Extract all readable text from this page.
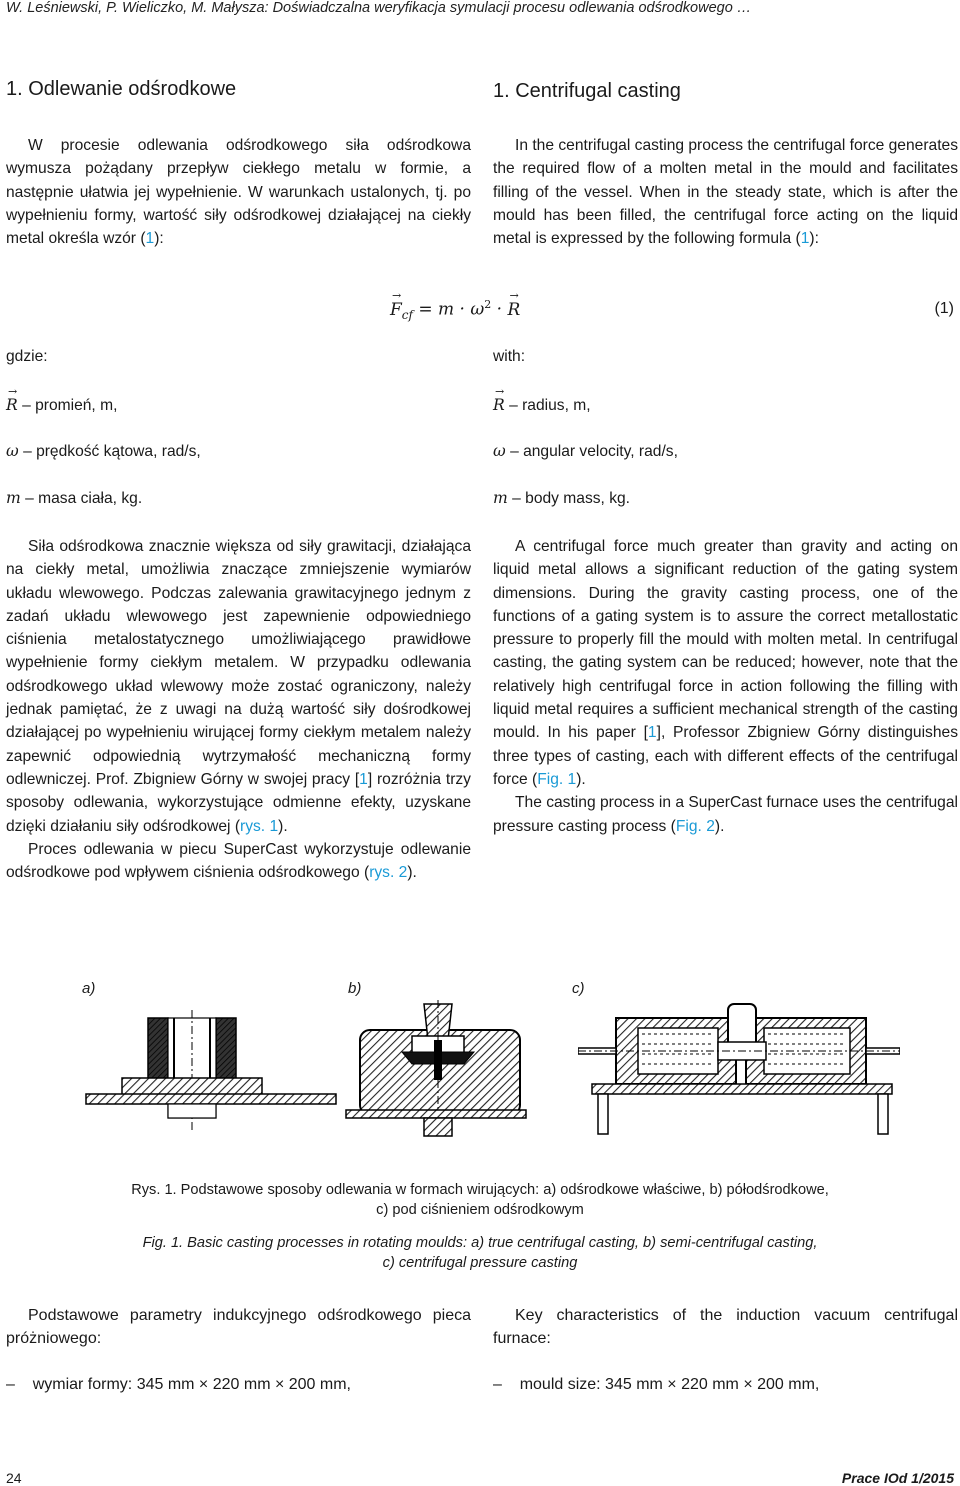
W. Leśniewski, P. Wieliczko, M. Małysza: Doświadczalna weryfikacja symulacji procesu odlewania odśrodkowego …
1. Odlewanie odśrodkowe

W procesie odlewania odśrodkowego siła odśrodkowa wymusza pożądany przepływ ciekłego metalu w formie, a następnie ułatwia jej wypełnienie. W warunkach ustalonych, tj. po wypełnieniu formy, wartość siły odśrodkowej działającej na ciekły metal określa wzór (1):

1. Centrifugal casting

In the centrifugal casting process the centrifugal force generates the required flow of a molten metal in the mould and facilitates filling of the vessel. When in the steady state, which is after the mould has been filled, the centrifugal force acting on the liquid metal is expressed by the following formula (1):

→ $F_{cf} = m \cdot \omega^2$ · → R	(1)
gdzie:
→ R – promień, m,
ω – prędkość kątowa, rad/s,
m – masa ciała, kg.
with:
→ R – radius, m,
ω – angular velocity, rad/s,
m – body mass, kg.

Siła odśrodkowa znacznie większa od siły grawitacji, działająca na ciekły metal, umożliwia znaczące zmniejszenie wymiarów układu wlewowego. Podczas zalewania grawitacyjnego jednym z zadań układu wlewowego jest zapewnienie odpowiedniego ciśnienia metalostatycznego umożliwiającego prawidłowe wypełnienie formy ciekłym metalem. W przypadku odlewania odśrodkowego układ wlewowy może zostać ograniczony, należy jednak pamiętać, że z uwagi na dużą wartość siły dośrodkowej działającej po wypełnieniu wirującej formy ciekłym metalem należy zapewnić odpowiednią wytrzymałość mechaniczną formy odlewniczej. Prof. Zbigniew Górny w swojej pracy [1] rozróżnia trzy sposoby odlewania, wykorzystujące odmienne efekty, uzyskane dzięki działaniu siły odśrodkowej (rys. 1).

Proces odlewania w piecu SuperCast wykorzystuje odlewanie odśrodkowe pod wpływem ciśnienia odśrodkowego (rys. 2).

A centrifugal force much greater than gravity and acting on liquid metal allows a significant reduction of the gating system dimensions. During the gravity casting process, one of the functions of a gating system is to assure the correct metallostatic pressure to properly fill the mould with molten metal. In centrifugal casting, the gating system can be reduced; however, note that the relatively high centrifugal force in action following the filling with liquid metal requires a sufficient mechanical strength of the casting mould. In his paper [1], Professor Zbigniew Górny distinguishes three types of casting, each with different effects of the centrifugal force (Fig. 1).

The casting process in a SuperCast furnace uses the centrifugal pressure casting process (Fig. 2).

a)	b)	c)
Rys. 1. Podstawowe sposoby odlewania w formach wirujących: a) odśrodkowe właściwe, b) półodśrodkowe,
c) pod ciśnieniem odśrodkowym
Fig. 1. Basic casting processes in rotating moulds: a) true centrifugal casting, b) semi-centrifugal casting,
c) centrifugal pressure casting

Podstawowe parametry indukcyjnego odśrodkowego pieca próżniowego:

Key characteristics of the induction vacuum centrifugal furnace:

– wymiar formy: 345 mm × 220 mm × 200 mm,	– mould size: 345 mm × 220 mm × 200 mm,
24	Prace IOd 1/2015
